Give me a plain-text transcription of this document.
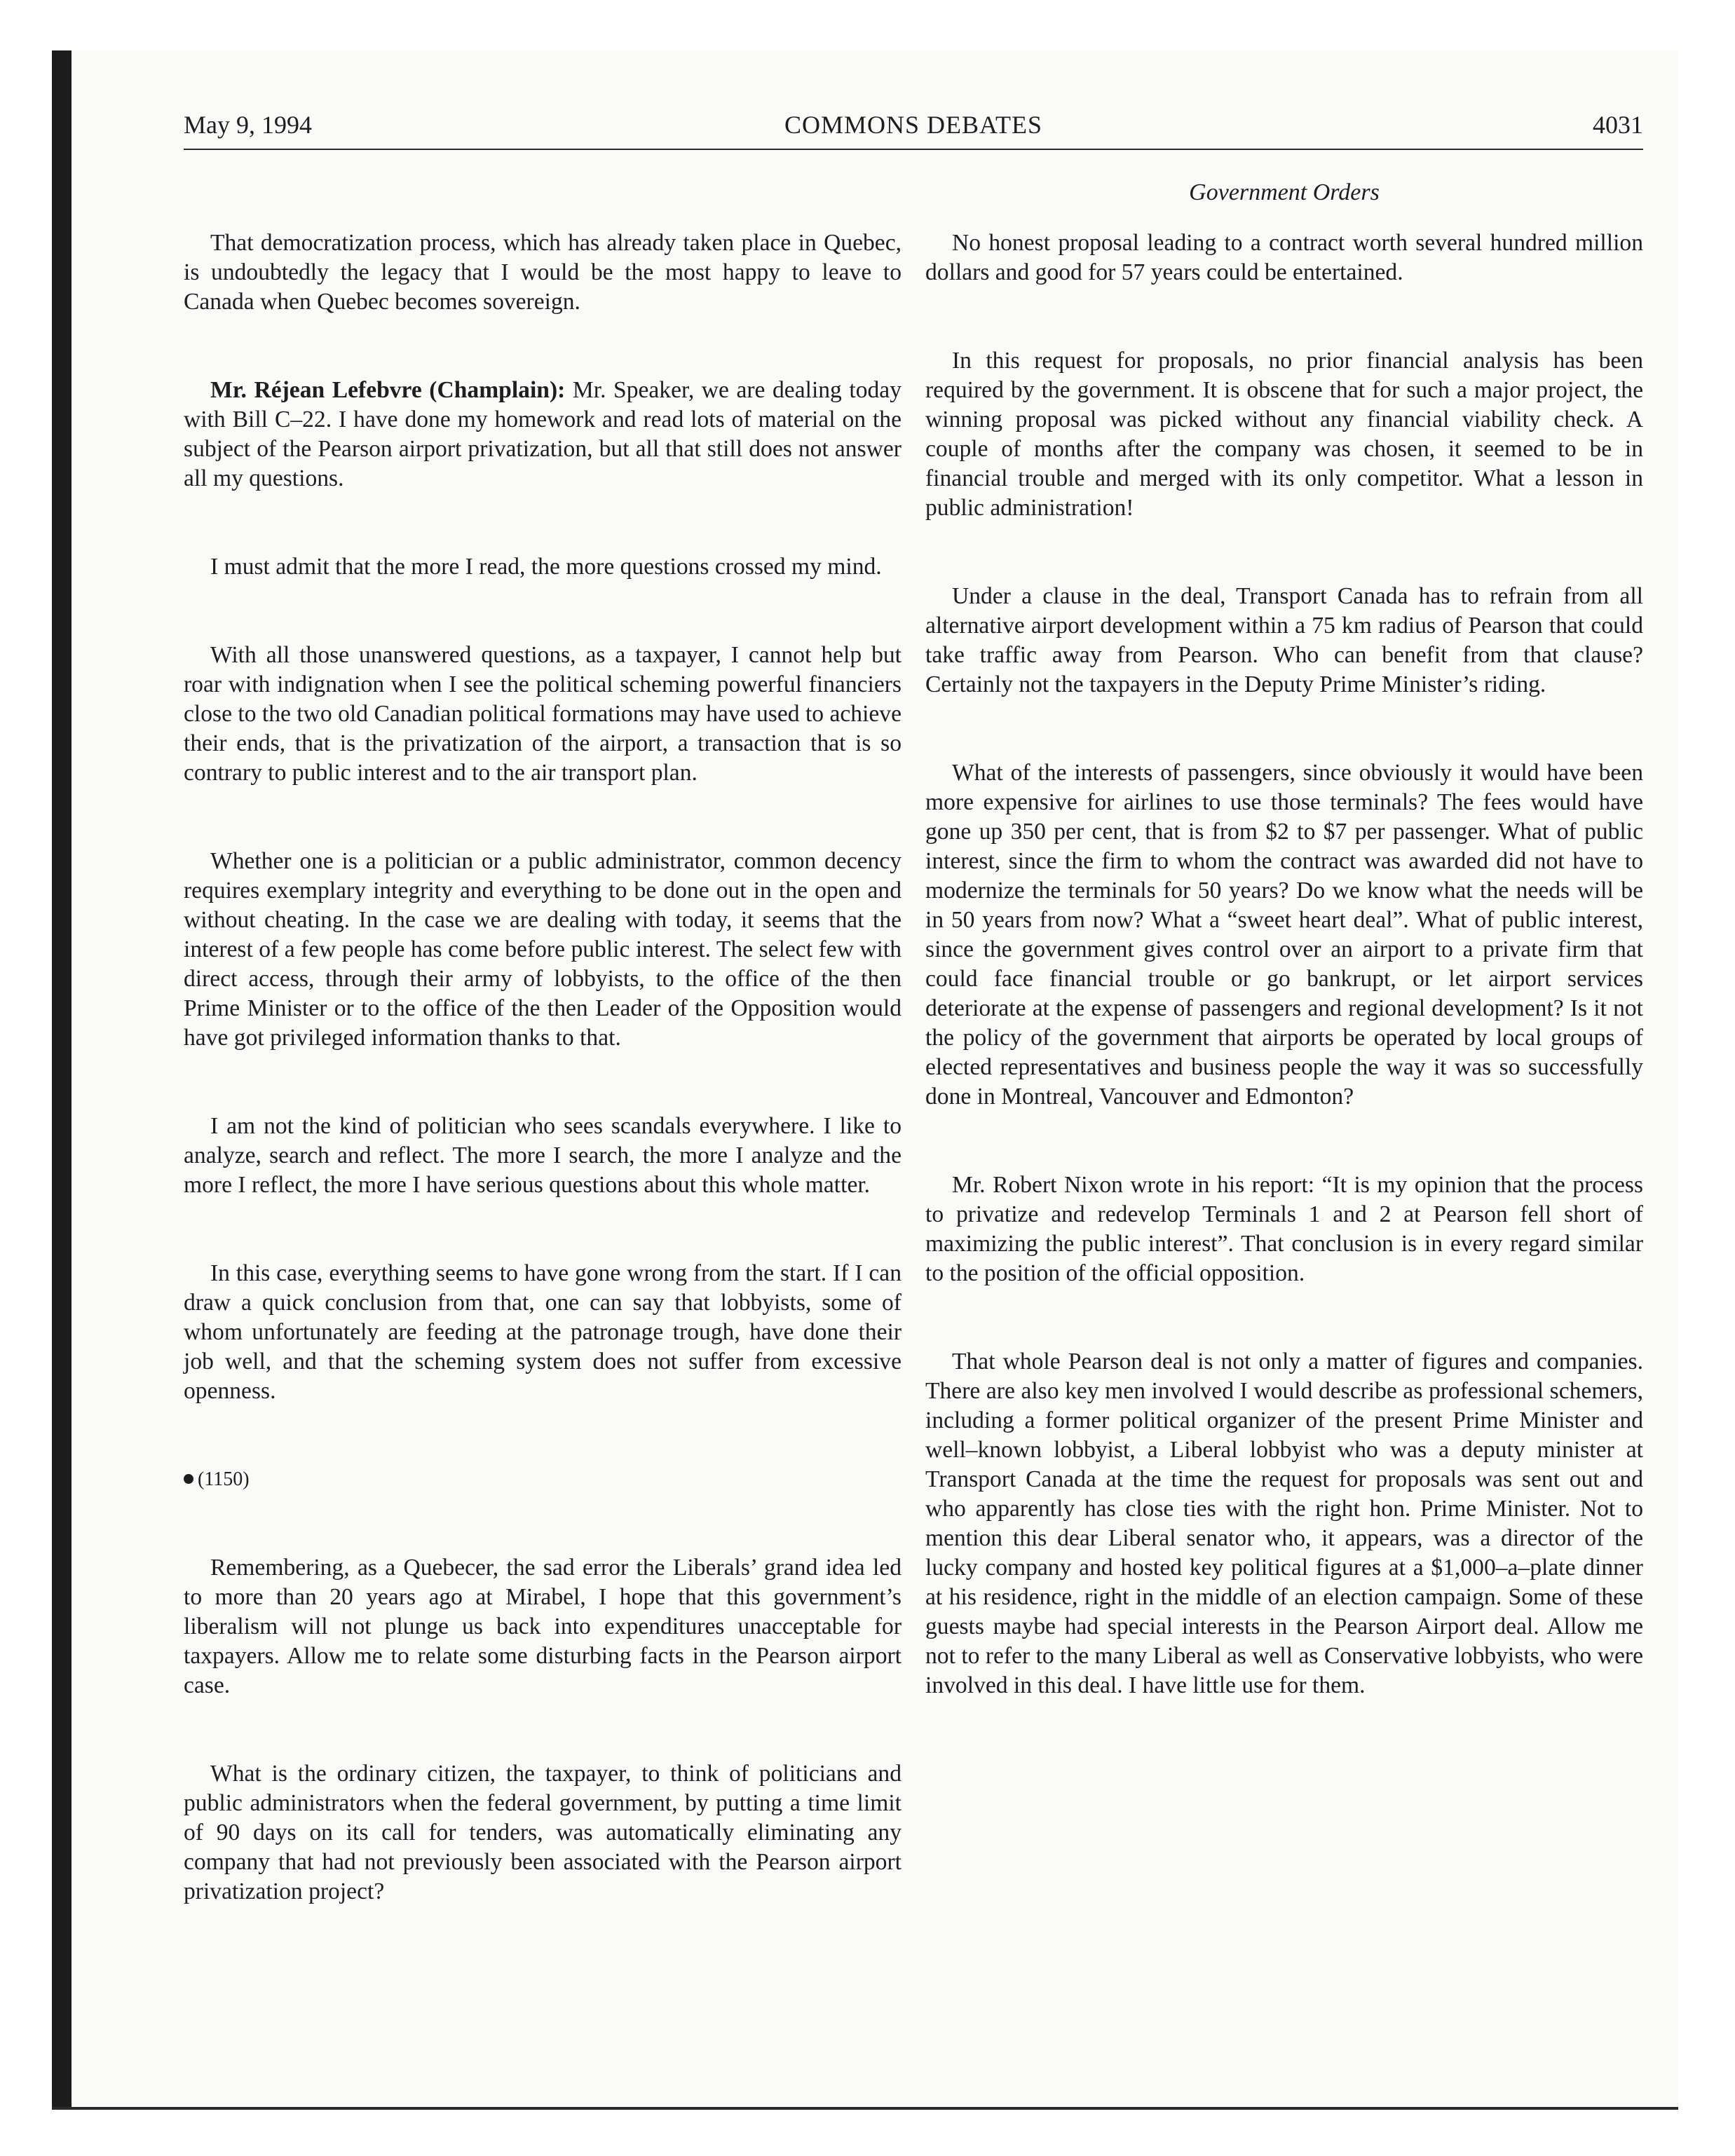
May 9, 1994	COMMONS DEBATES	4031
Government Orders

That democratization process, which has already taken place in Quebec, is undoubtedly the legacy that I would be the most happy to leave to Canada when Quebec becomes sovereign.

Mr. Réjean Lefebvre (Champlain): Mr. Speaker, we are dealing today with Bill C–22. I have done my homework and read lots of material on the subject of the Pearson airport privatization, but all that still does not answer all my questions.

I must admit that the more I read, the more questions crossed my mind.

With all those unanswered questions, as a taxpayer, I cannot help but roar with indignation when I see the political scheming powerful financiers close to the two old Canadian political formations may have used to achieve their ends, that is the privatization of the airport, a transaction that is so contrary to public interest and to the air transport plan.

Whether one is a politician or a public administrator, common decency requires exemplary integrity and everything to be done out in the open and without cheating. In the case we are dealing with today, it seems that the interest of a few people has come before public interest. The select few with direct access, through their army of lobbyists, to the office of the then Prime Minister or to the office of the then Leader of the Opposition would have got privileged information thanks to that.

I am not the kind of politician who sees scandals everywhere. I like to analyze, search and reflect. The more I search, the more I analyze and the more I reflect, the more I have serious questions about this whole matter.

In this case, everything seems to have gone wrong from the start. If I can draw a quick conclusion from that, one can say that lobbyists, some of whom unfortunately are feeding at the patronage trough, have done their job well, and that the scheming system does not suffer from excessive openness.

(1150)

Remembering, as a Quebecer, the sad error the Liberals’ grand idea led to more than 20 years ago at Mirabel, I hope that this government’s liberalism will not plunge us back into expenditures unacceptable for taxpayers. Allow me to relate some disturbing facts in the Pearson airport case.

What is the ordinary citizen, the taxpayer, to think of politicians and public administrators when the federal government, by putting a time limit of 90 days on its call for tenders, was automatically eliminating any company that had not previously been associated with the Pearson airport privatization project?

No honest proposal leading to a contract worth several hundred million dollars and good for 57 years could be entertained.

In this request for proposals, no prior financial analysis has been required by the government. It is obscene that for such a major project, the winning proposal was picked without any financial viability check. A couple of months after the company was chosen, it seemed to be in financial trouble and merged with its only competitor. What a lesson in public administration!

Under a clause in the deal, Transport Canada has to refrain from all alternative airport development within a 75 km radius of Pearson that could take traffic away from Pearson. Who can benefit from that clause? Certainly not the taxpayers in the Deputy Prime Minister’s riding.

What of the interests of passengers, since obviously it would have been more expensive for airlines to use those terminals? The fees would have gone up 350 per cent, that is from $2 to $7 per passenger. What of public interest, since the firm to whom the contract was awarded did not have to modernize the terminals for 50 years? Do we know what the needs will be in 50 years from now? What a “sweet heart deal”. What of public interest, since the government gives control over an airport to a private firm that could face financial trouble or go bankrupt, or let airport services deteriorate at the expense of passengers and regional development? Is it not the policy of the government that airports be operated by local groups of elected representatives and business people the way it was so successfully done in Montreal, Vancouver and Edmonton?

Mr. Robert Nixon wrote in his report: “It is my opinion that the process to privatize and redevelop Terminals 1 and 2 at Pearson fell short of maximizing the public interest”. That conclusion is in every regard similar to the position of the official opposition.

That whole Pearson deal is not only a matter of figures and companies. There are also key men involved I would describe as professional schemers, including a former political organizer of the present Prime Minister and well–known lobbyist, a Liberal lobbyist who was a deputy minister at Transport Canada at the time the request for proposals was sent out and who apparently has close ties with the right hon. Prime Minister. Not to mention this dear Liberal senator who, it appears, was a director of the lucky company and hosted key political figures at a $1,000–a–plate dinner at his residence, right in the middle of an election campaign. Some of these guests maybe had special interests in the Pearson Airport deal. Allow me not to refer to the many Liberal as well as Conservative lobbyists, who were involved in this deal. I have little use for them.
